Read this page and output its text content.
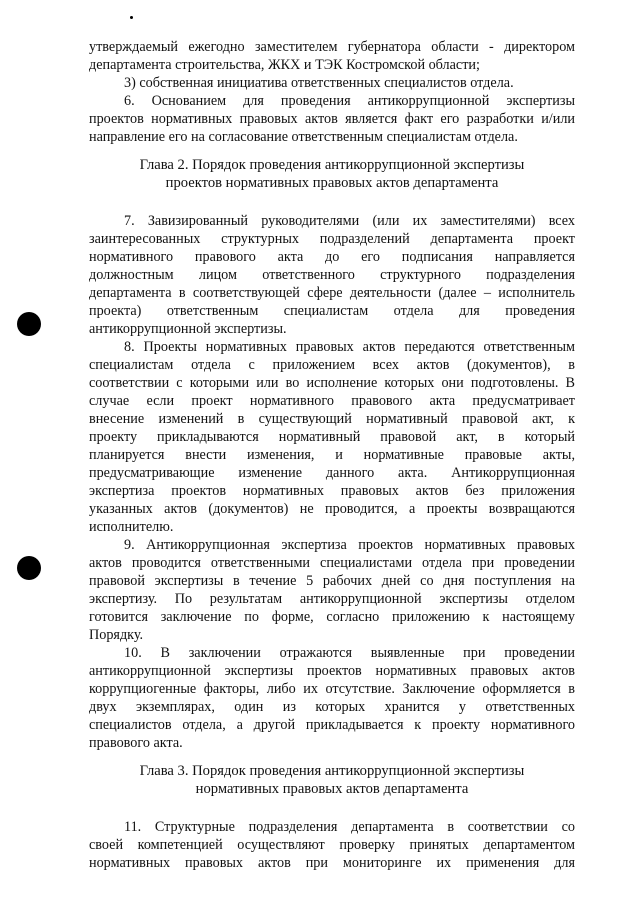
утверждаемый ежегодно заместителем губернатора области - директором
департамента строительства, ЖКХ и ТЭК Костромской области;
3) собственная инициатива ответственных специалистов отдела.
6. Основанием для проведения антикоррупционной экспертизы
проектов нормативных правовых актов является факт его разработки и/или
направление его на согласование ответственным специалистам отдела.
Глава 2. Порядок проведения антикоррупционной экспертизы
проектов нормативных правовых актов департамента
7. Завизированный руководителями (или их заместителями) всех
заинтересованных структурных подразделений департамента проект
нормативного правового акта до его подписания направляется
должностным лицом ответственного структурного подразделения
департамента в соответствующей сфере деятельности (далее – исполнитель
проекта) ответственным специалистам отдела для проведения
антикоррупционной экспертизы.
8. Проекты нормативных правовых актов передаются ответственным
специалистам отдела с приложением всех актов (документов), в
соответствии с которыми или во исполнение которых они подготовлены. В
случае если проект нормативного правового акта предусматривает
внесение изменений в существующий нормативный правовой акт, к
проекту прикладываются нормативный правовой акт, в который
планируется внести изменения, и нормативные правовые акты,
предусматривающие изменение данного акта. Антикоррупционная
экспертиза проектов нормативных правовых актов без приложения
указанных актов (документов) не проводится, а проекты возвращаются
исполнителю.
9. Антикоррупционная экспертиза проектов нормативных правовых
актов проводится ответственными специалистами отдела при проведении
правовой экспертизы в течение 5 рабочих дней со дня поступления на
экспертизу. По результатам антикоррупционной экспертизы отделом
готовится заключение по форме, согласно приложению к настоящему
Порядку.
10. В заключении отражаются выявленные при проведении
антикоррупционной экспертизы проектов нормативных правовых актов
коррупциогенные факторы, либо их отсутствие. Заключение оформляется в
двух экземплярах, один из которых хранится у ответственных
специалистов отдела, а другой прикладывается к проекту нормативного
правового акта.
Глава 3. Порядок проведения антикоррупционной экспертизы
нормативных правовых актов департамента
11. Структурные подразделения департамента в соответствии со
своей компетенцией осуществляют проверку принятых департаментом
нормативных правовых актов при мониторинге их применения для
